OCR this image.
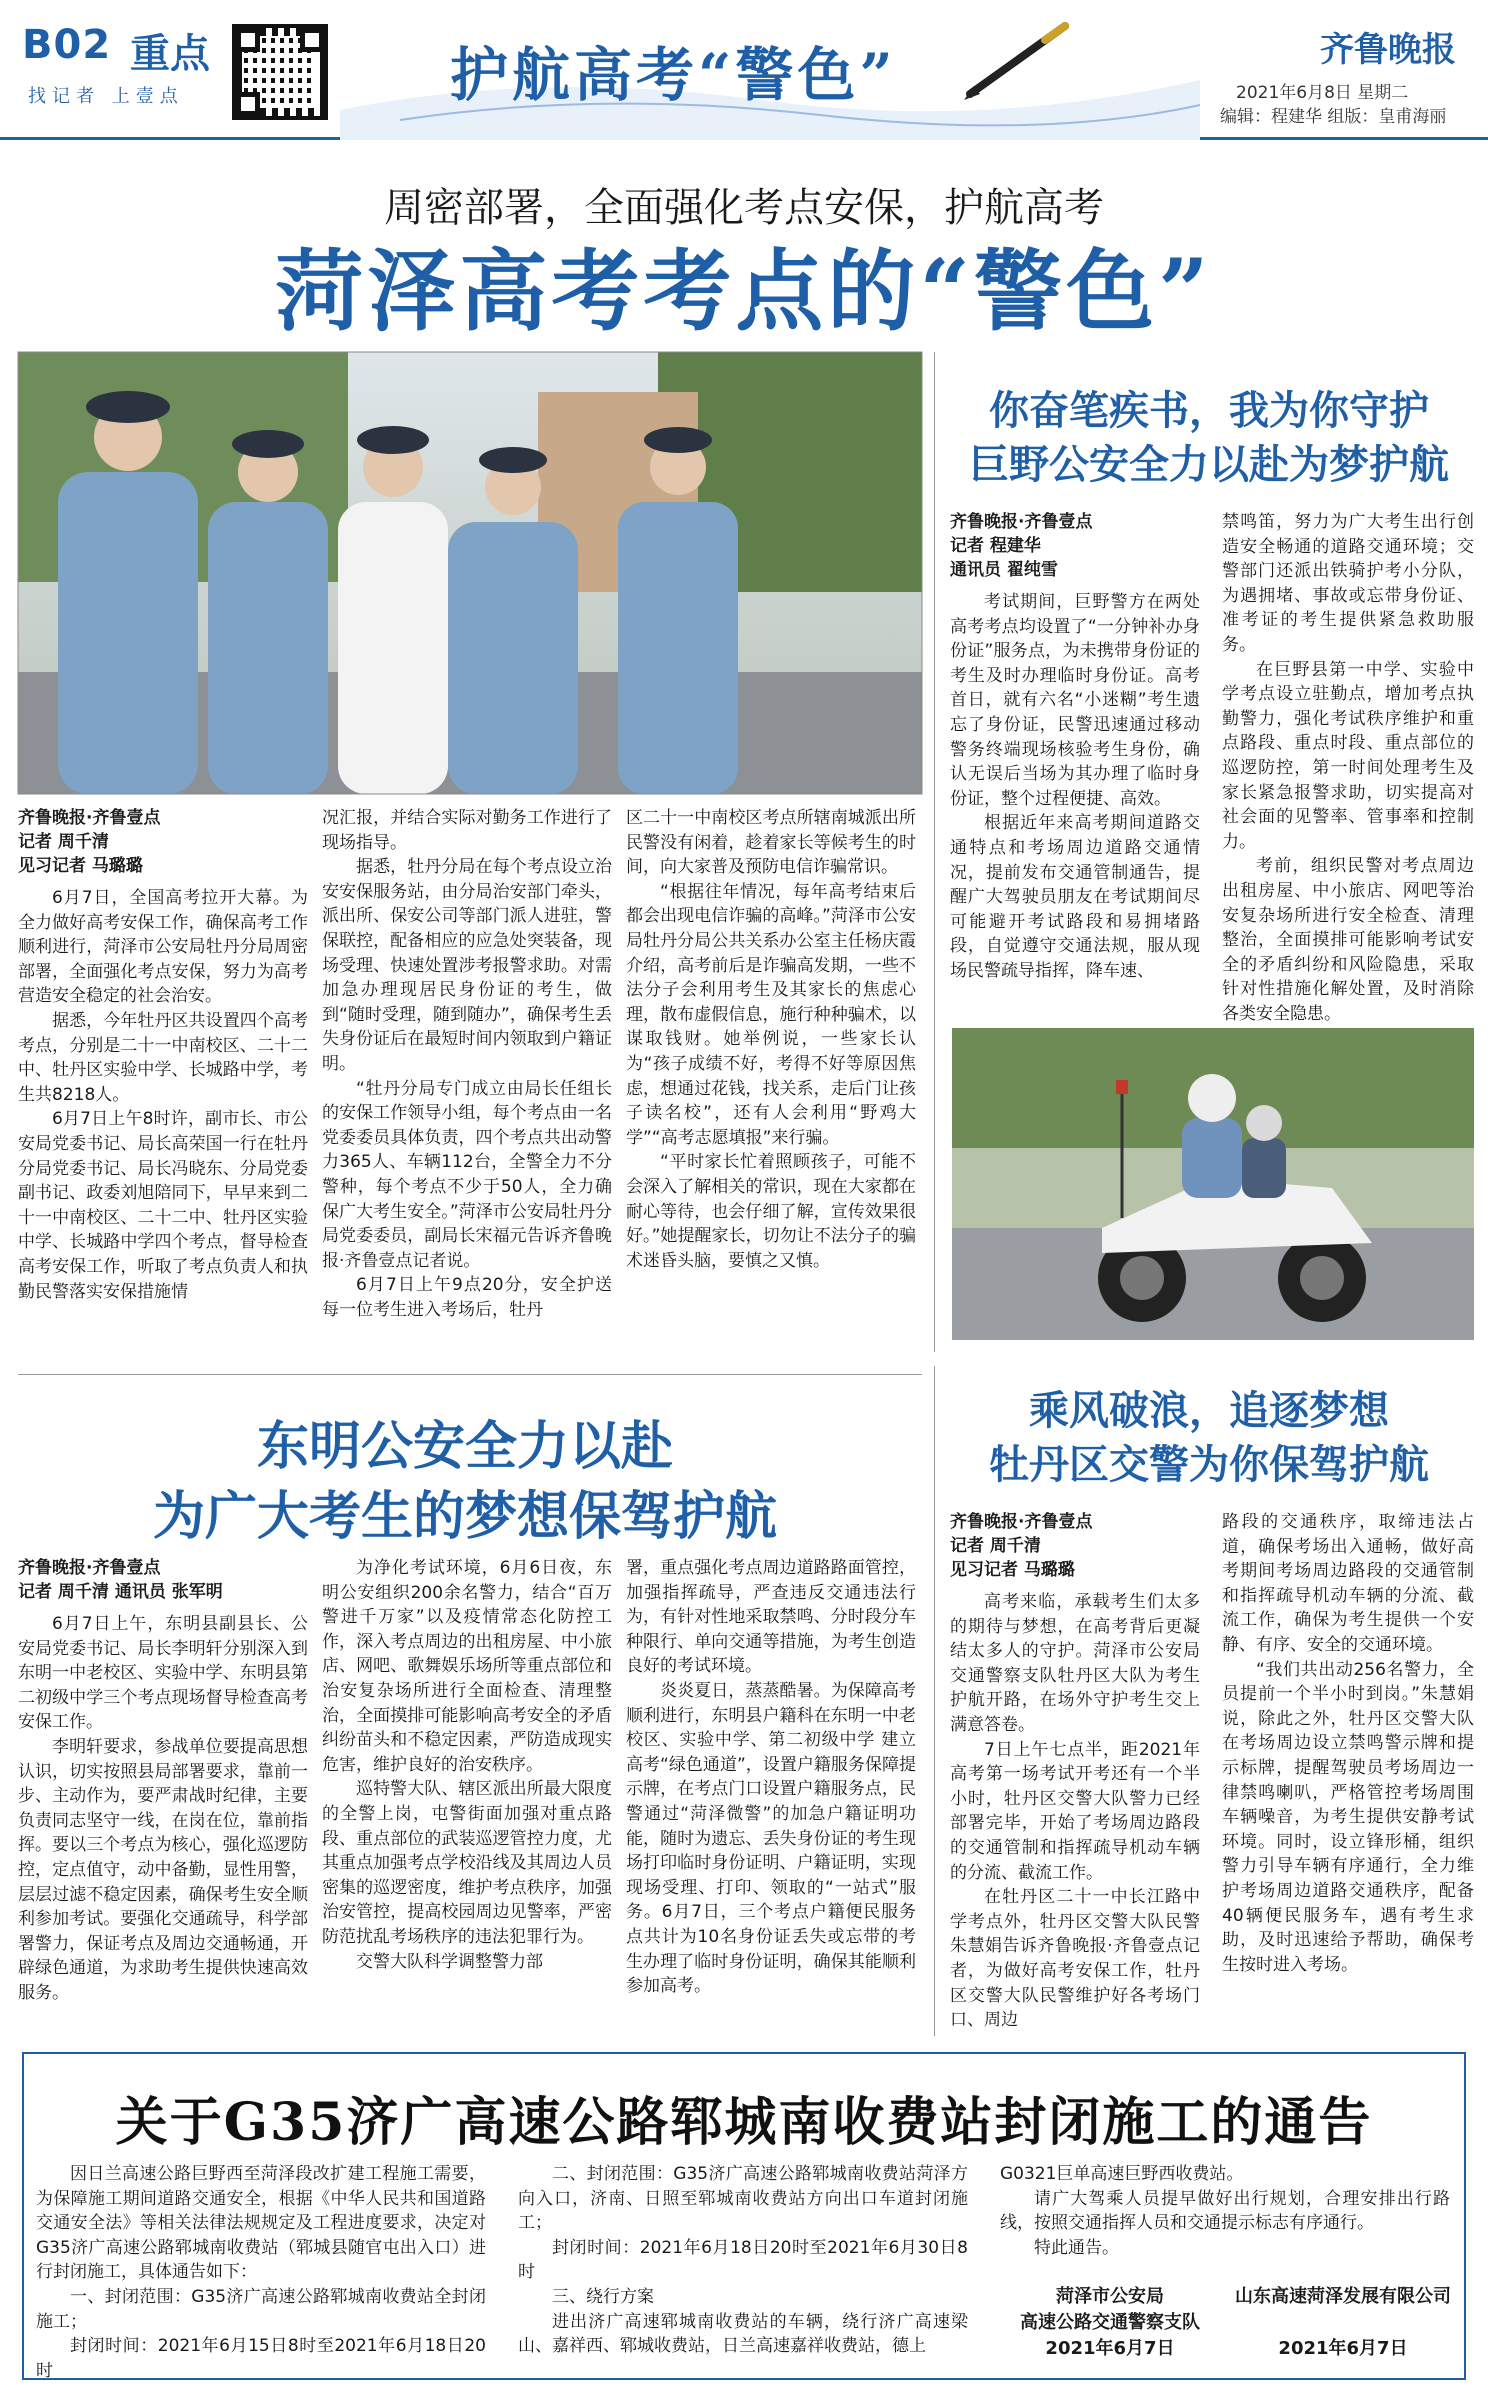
B02 重点
找记者 上壹点	护航高考“警色”	齐鲁晚报
2021年6月8日 星期二
编辑：程建华 组版：皇甫海丽
周密部署，全面强化考点安保，护航高考
菏泽高考考点的“警色”
齐鲁晚报·齐鲁壹点
记者 周千清
见习记者 马璐璐

6月7日，全国高考拉开大幕。为全力做好高考安保工作，确保高考工作顺利进行，菏泽市公安局牡丹分局周密部署，全面强化考点安保，努力为高考营造安全稳定的社会治安。

据悉，今年牡丹区共设置四个高考考点，分别是二十一中南校区、二十二中、牡丹区实验中学、长城路中学，考生共8218人。

6月7日上午8时许，副市长、市公安局党委书记、局长高荣国一行在牡丹分局党委书记、局长冯晓东、分局党委副书记、政委刘旭陪同下，早早来到二十一中南校区、二十二中、牡丹区实验中学、长城路中学四个考点，督导检查高考安保工作，听取了考点负责人和执勤民警落实安保措施情

况汇报，并结合实际对勤务工作进行了现场指导。

据悉，牡丹分局在每个考点设立治安安保服务站，由分局治安部门牵头，派出所、保安公司等部门派人进驻，警保联控，配备相应的应急处突装备，现场受理、快速处置涉考报警求助。对需加急办理现居民身份证的考生，做到“随时受理，随到随办”，确保考生丢失身份证后在最短时间内领取到户籍证明。

“牡丹分局专门成立由局长任组长的安保工作领导小组，每个考点由一名党委委员具体负责，四个考点共出动警力365人、车辆112台，全警全力不分警种，每个考点不少于50人，全力确保广大考生安全。”菏泽市公安局牡丹分局党委委员，副局长宋福元告诉齐鲁晚报·齐鲁壹点记者说。

6月7日上午9点20分，安全护送每一位考生进入考场后，牡丹

区二十一中南校区考点所辖南城派出所民警没有闲着，趁着家长等候考生的时间，向大家普及预防电信诈骗常识。

“根据往年情况，每年高考结束后都会出现电信诈骗的高峰。”菏泽市公安局牡丹分局公共关系办公室主任杨庆霞介绍，高考前后是诈骗高发期，一些不法分子会利用考生及其家长的焦虑心理，散布虚假信息，施行种种骗术，以谋取钱财。她举例说，一些家长认为“孩子成绩不好，考得不好等原因焦虑，想通过花钱，找关系，走后门让孩子读名校”，还有人会利用“野鸡大学”“高考志愿填报”来行骗。

“平时家长忙着照顾孩子，可能不会深入了解相关的常识，现在大家都在耐心等待，也会仔细了解，宣传效果很好。”她提醒家长，切勿让不法分子的骗术迷昏头脑，要慎之又慎。

你奋笔疾书，我为你守护
巨野公安全力以赴为梦护航
齐鲁晚报·齐鲁壹点
记者 程建华
通讯员 翟纯雪

考试期间，巨野警方在两处高考考点均设置了“一分钟补办身份证”服务点，为未携带身份证的考生及时办理临时身份证。高考首日，就有六名“小迷糊”考生遗忘了身份证，民警迅速通过移动警务终端现场核验考生身份，确认无误后当场为其办理了临时身份证，整个过程便捷、高效。

根据近年来高考期间道路交通特点和考场周边道路交通情况，提前发布交通管制通告，提醒广大驾驶员朋友在考试期间尽可能避开考试路段和易拥堵路段，自觉遵守交通法规，服从现场民警疏导指挥，降车速、

禁鸣笛，努力为广大考生出行创造安全畅通的道路交通环境；交警部门还派出铁骑护考小分队，为遇拥堵、事故或忘带身份证、准考证的考生提供紧急救助服务。

在巨野县第一中学、实验中学考点设立驻勤点，增加考点执勤警力，强化考试秩序维护和重点路段、重点时段、重点部位的巡逻防控，第一时间处理考生及家长紧急报警求助，切实提高对社会面的见警率、管事率和控制力。

考前，组织民警对考点周边出租房屋、中小旅店、网吧等治安复杂场所进行安全检查、清理整治，全面摸排可能影响考试安全的矛盾纠纷和风险隐患，采取针对性措施化解处置，及时消除各类安全隐患。

东明公安全力以赴
为广大考生的梦想保驾护航
齐鲁晚报·齐鲁壹点
记者 周千清 通讯员 张军明

6月7日上午，东明县副县长、公安局党委书记、局长李明轩分别深入到东明一中老校区、实验中学、东明县第二初级中学三个考点现场督导检查高考安保工作。

李明轩要求，参战单位要提高思想认识，切实按照县局部署要求，靠前一步、主动作为，要严肃战时纪律，主要负责同志坚守一线，在岗在位，靠前指挥。要以三个考点为核心，强化巡逻防控，定点值守，动中备勤，显性用警，层层过滤不稳定因素，确保考生安全顺利参加考试。要强化交通疏导，科学部署警力，保证考点及周边交通畅通，开辟绿色通道，为求助考生提供快速高效服务。

为净化考试环境，6月6日夜，东明公安组织200余名警力，结合“百万警进千万家”以及疫情常态化防控工作，深入考点周边的出租房屋、中小旅店、网吧、歌舞娱乐场所等重点部位和治安复杂场所进行全面检查、清理整治，全面摸排可能影响高考安全的矛盾纠纷苗头和不稳定因素，严防造成现实危害，维护良好的治安秩序。

巡特警大队、辖区派出所最大限度的全警上岗，屯警街面加强对重点路段、重点部位的武装巡逻管控力度，尤其重点加强考点学校沿线及其周边人员密集的巡逻密度，维护考点秩序，加强治安管控，提高校园周边见警率，严密防范扰乱考场秩序的违法犯罪行为。

交警大队科学调整警力部

署，重点强化考点周边道路路面管控，加强指挥疏导，严查违反交通违法行为，有针对性地采取禁鸣、分时段分车种限行、单向交通等措施，为考生创造良好的考试环境。

炎炎夏日，蒸蒸酷暑。为保障高考顺利进行，东明县户籍科在东明一中老校区、实验中学、第二初级中学 建立高考“绿色通道”，设置户籍服务保障提示牌，在考点门口设置户籍服务点，民警通过“菏泽微警”的加急户籍证明功能，随时为遗忘、丢失身份证的考生现场打印临时身份证明、户籍证明，实现现场受理、打印、领取的“一站式”服务。6月7日，三个考点户籍便民服务点共计为10名身份证丢失或忘带的考生办理了临时身份证明，确保其能顺利参加高考。

乘风破浪，追逐梦想
牡丹区交警为你保驾护航
齐鲁晚报·齐鲁壹点
记者 周千清
见习记者 马璐璐

高考来临，承载考生们太多的期待与梦想，在高考背后更凝结太多人的守护。菏泽市公安局交通警察支队牡丹区大队为考生护航开路，在场外守护考生交上满意答卷。

7日上午七点半，距2021年高考第一场考试开考还有一个半小时，牡丹区交警大队警力已经部署完毕，开始了考场周边路段的交通管制和指挥疏导机动车辆的分流、截流工作。

在牡丹区二十一中长江路中学考点外，牡丹区交警大队民警朱慧娟告诉齐鲁晚报·齐鲁壹点记者，为做好高考安保工作，牡丹区交警大队民警维护好各考场门口、周边

路段的交通秩序，取缔违法占道，确保考场出入通畅，做好高考期间考场周边路段的交通管制和指挥疏导机动车辆的分流、截流工作，确保为考生提供一个安静、有序、安全的交通环境。

“我们共出动256名警力，全员提前一个半小时到岗。”朱慧娟说，除此之外，牡丹区交警大队在考场周边设立禁鸣警示牌和提示标牌，提醒驾驶员考场周边一律禁鸣喇叭，严格管控考场周围车辆噪音，为考生提供安静考试环境。同时，设立锋形桶，组织警力引导车辆有序通行，全力维护考场周边道路交通秩序，配备40辆便民服务车，遇有考生求助，及时迅速给予帮助，确保考生按时进入考场。

关于G35济广高速公路郓城南收费站封闭施工的通告

因日兰高速公路巨野西至菏泽段改扩建工程施工需要，为保障施工期间道路交通安全，根据《中华人民共和国道路交通安全法》等相关法律法规规定及工程进度要求，决定对G35济广高速公路郓城南收费站（郓城县随官屯出入口）进行封闭施工，具体通告如下：

一、封闭范围：G35济广高速公路郓城南收费站全封闭施工；

封闭时间：2021年6月15日8时至2021年6月18日20时

二、封闭范围：G35济广高速公路郓城南收费站菏泽方向入口，济南、日照至郓城南收费站方向出口车道封闭施工；

封闭时间：2021年6月18日20时至2021年6月30日8时

三、绕行方案

进出济广高速郓城南收费站的车辆，绕行济广高速梁山、嘉祥西、郓城收费站，日兰高速嘉祥收费站，德上

G0321巨单高速巨野西收费站。

请广大驾乘人员提早做好出行规划，合理安排出行路线，按照交通指挥人员和交通提示标志有序通行。

特此通告。

菏泽市公安局
高速公路交通警察支队
2021年6月7日
山东高速菏泽发展有限公司
2021年6月7日
